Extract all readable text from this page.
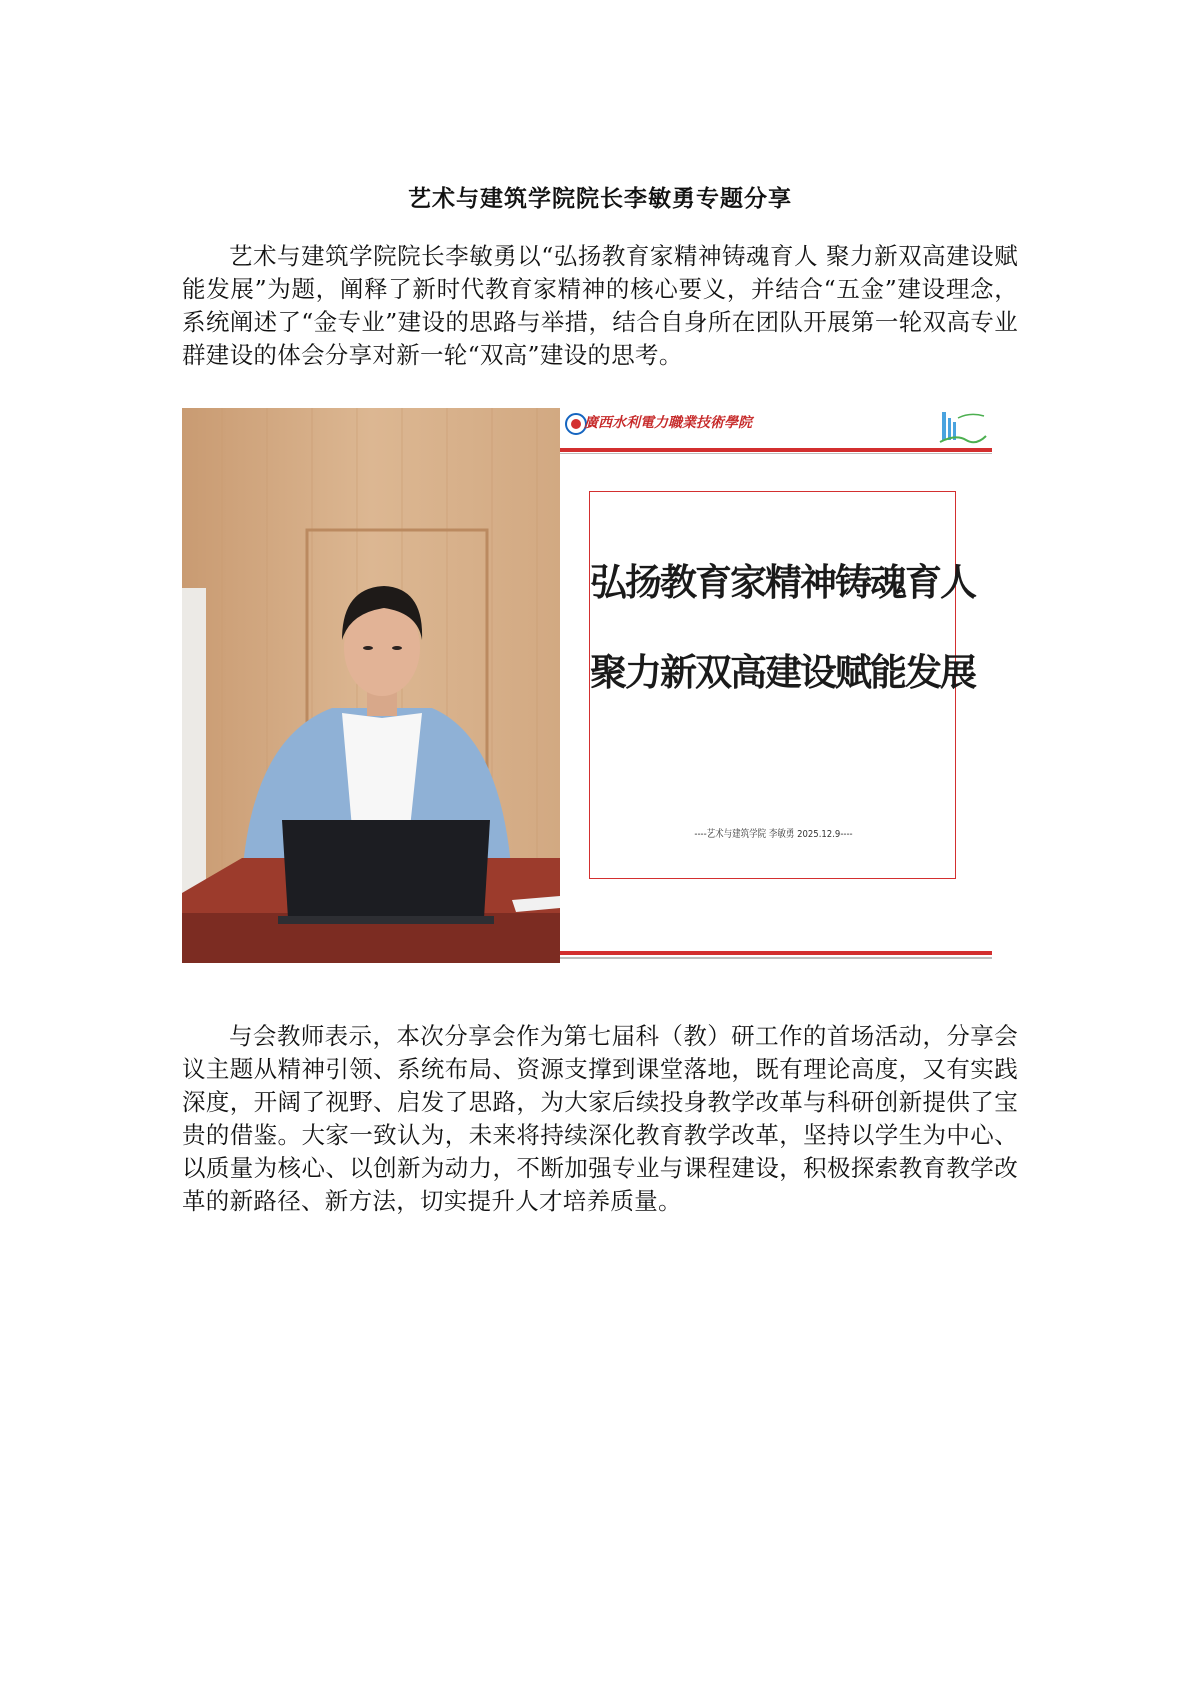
艺术与建筑学院院长李敏勇专题分享

艺术与建筑学院院长李敏勇以“弘扬教育家精神铸魂育人 聚力新双高建设赋能发展”为题，阐释了新时代教育家精神的核心要义，并结合“五金”建设理念，系统阐述了“金专业”建设的思路与举措，结合自身所在团队开展第一轮双高专业群建设的体会分享对新一轮“双高”建设的思考。

廣西水利電力職業技術學院
弘扬教育家精神铸魂育人
聚力新双高建设赋能发展
----艺术与建筑学院 李敏勇 2025.12.9----

与会教师表示，本次分享会作为第七届科（教）研工作的首场活动，分享会议主题从精神引领、系统布局、资源支撑到课堂落地，既有理论高度，又有实践深度，开阔了视野、启发了思路，为大家后续投身教学改革与科研创新提供了宝贵的借鉴。大家一致认为，未来将持续深化教育教学改革，坚持以学生为中心、以质量为核心、以创新为动力，不断加强专业与课程建设，积极探索教育教学改革的新路径、新方法，切实提升人才培养质量。
